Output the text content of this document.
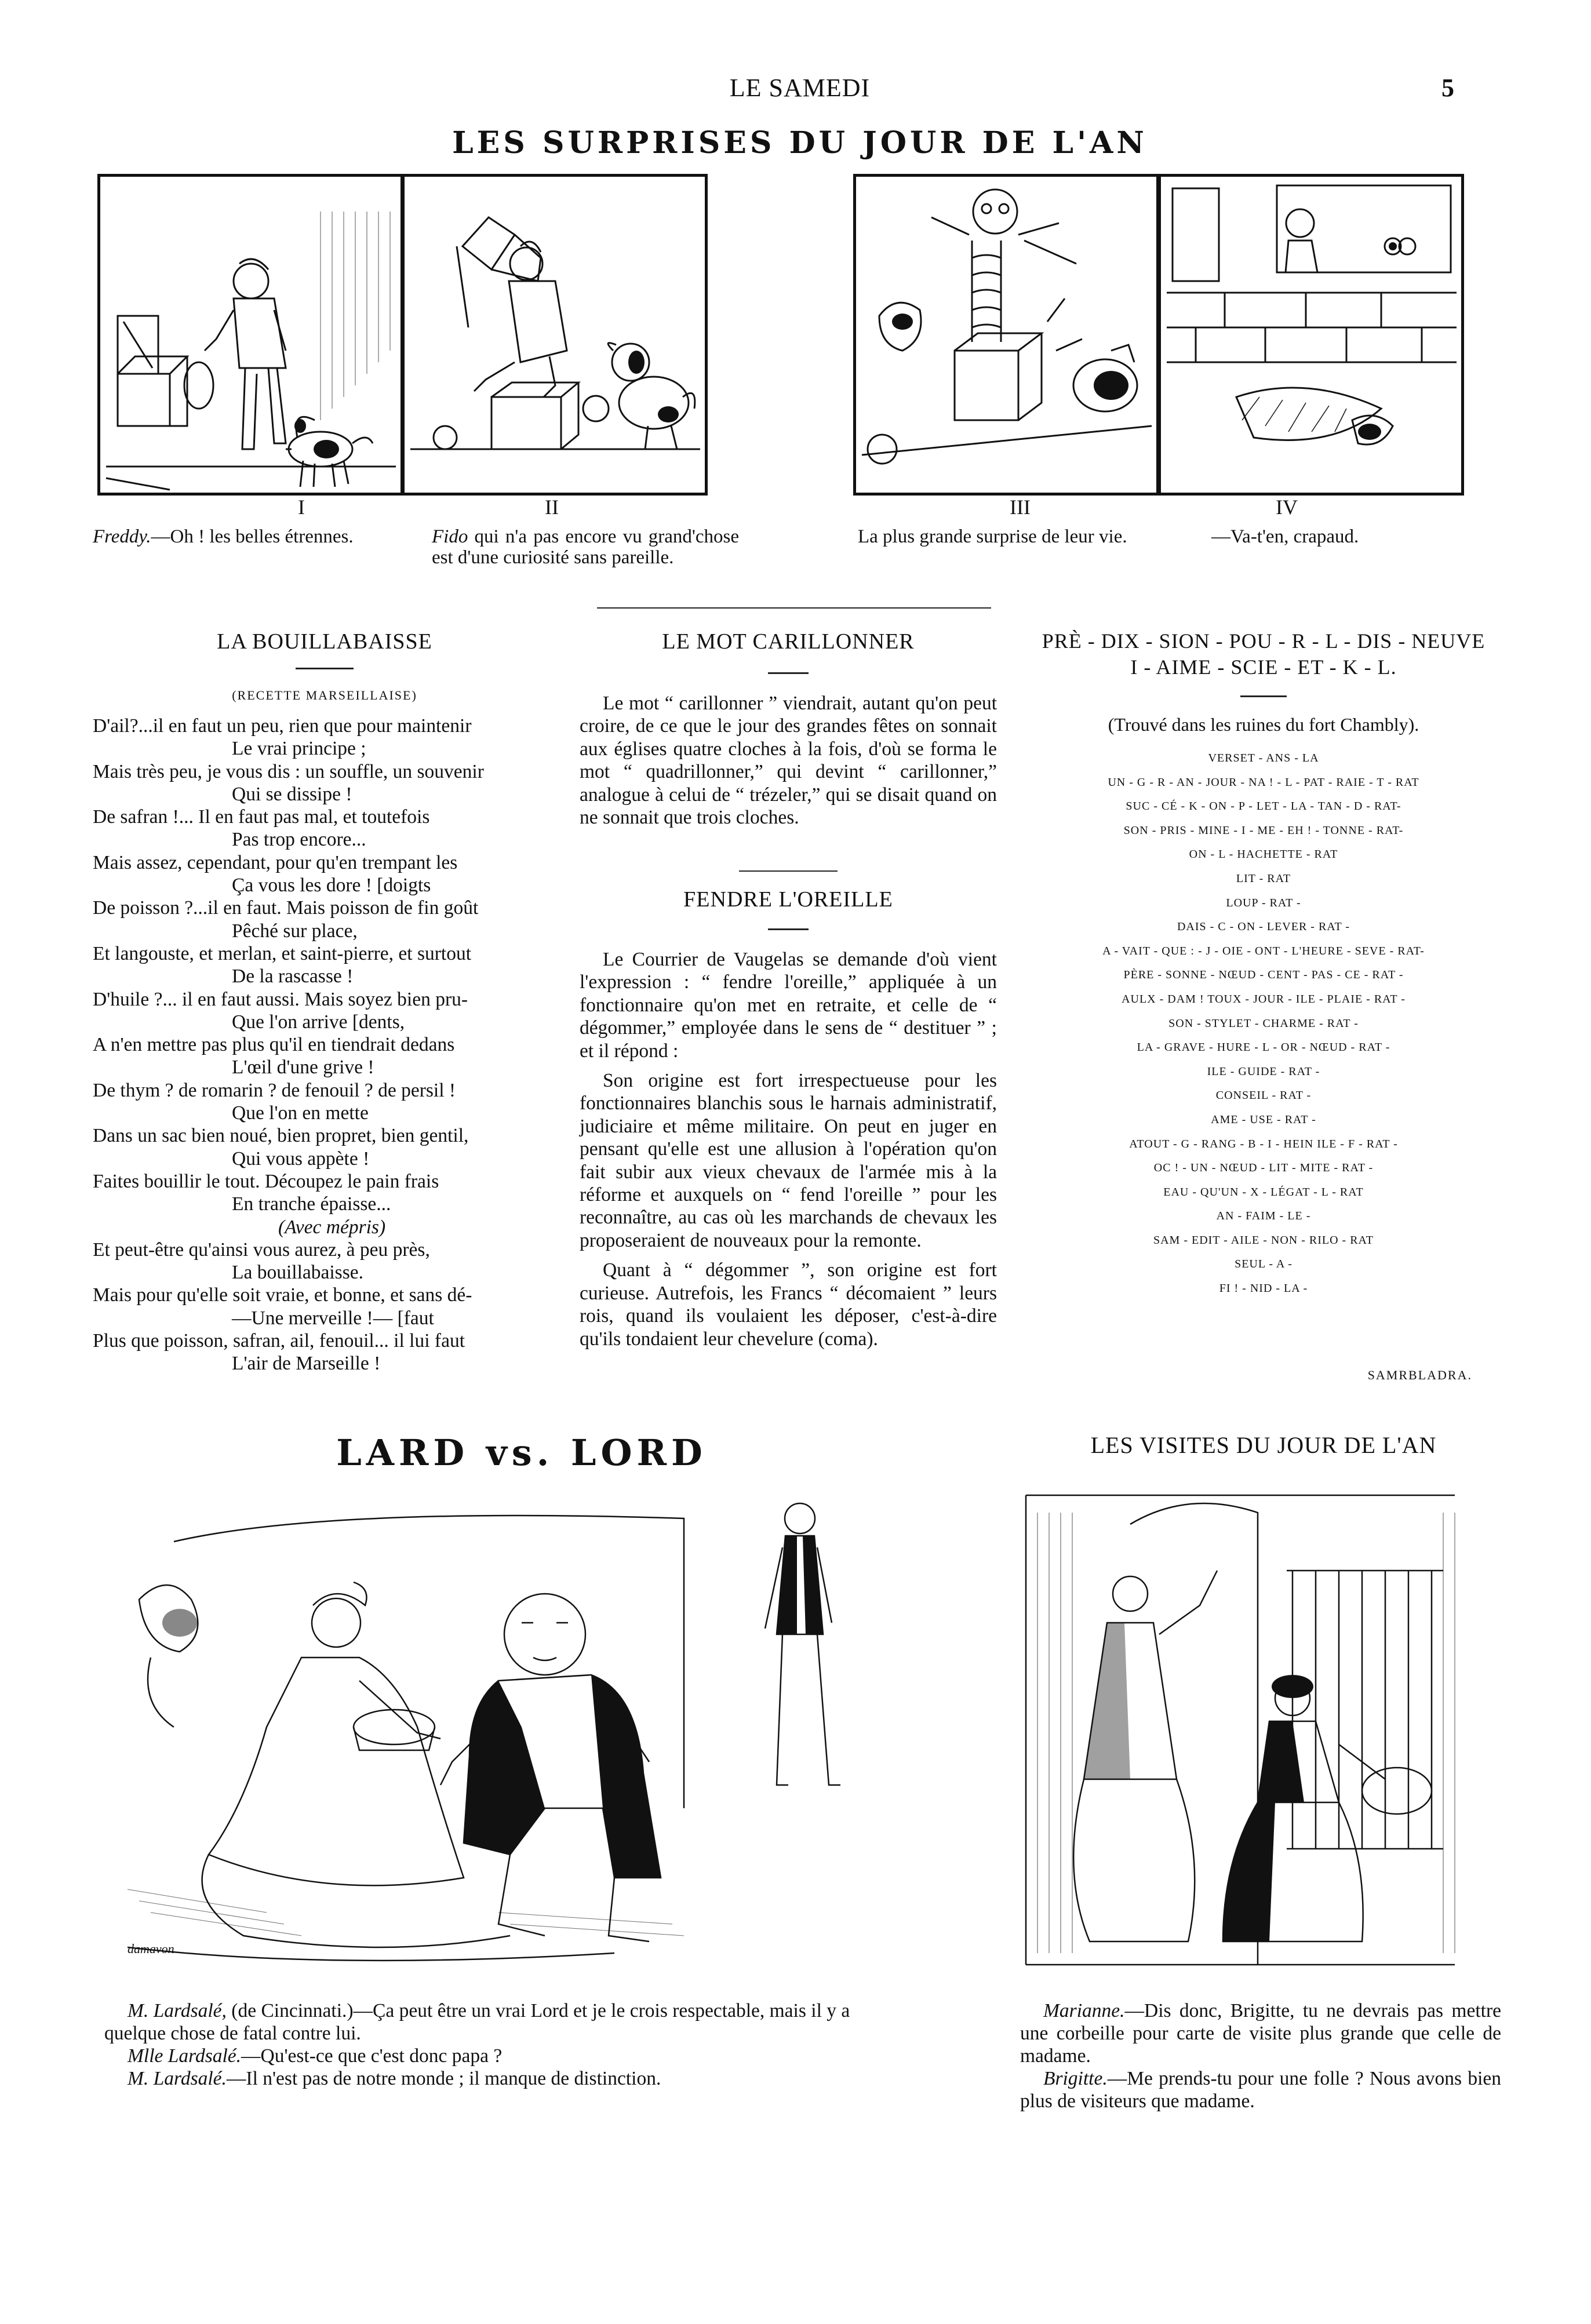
LE SAMEDI	5
LES SURPRISES DU JOUR DE L'AN
I	II	III	IV
Freddy.—Oh ! les belles étrennes.	Fido qui n'a pas encore vu grand'chose est d'une curiosité sans pareille.
La plus grande surprise de leur vie.	—Va-t'en, crapaud.
LA BOUILLABAISSE
(RECETTE MARSEILLAISE)
D'ail?...il en faut un peu, rien que pour maintenir
Le vrai principe ;
Mais très peu, je vous dis : un souffle, un souvenir
Qui se dissipe !
De safran !... Il en faut pas mal, et toutefois
Pas trop encore...
Mais assez, cependant, pour qu'en trempant les
Ça vous les dore ! [doigts
De poisson ?...il en faut. Mais poisson de fin goût
Pêché sur place,
Et langouste, et merlan, et saint-pierre, et surtout
De la rascasse !
D'huile ?... il en faut aussi. Mais soyez bien pru-
Que l'on arrive [dents,
A n'en mettre pas plus qu'il en tiendrait dedans
L'œil d'une grive !
De thym ? de romarin ? de fenouil ? de persil !
Que l'on en mette
Dans un sac bien noué, bien propret, bien gentil,
Qui vous appète !
Faites bouillir le tout. Découpez le pain frais
En tranche épaisse...
(Avec mépris)
Et peut-être qu'ainsi vous aurez, à peu près,
La bouillabaisse.
Mais pour qu'elle soit vraie, et bonne, et sans dé-
—Une merveille !— [faut
Plus que poisson, safran, ail, fenouil... il lui faut
L'air de Marseille !
LE MOT CARILLONNER

Le mot “ carillonner ” viendrait, autant qu'on peut croire, de ce que le jour des grandes fêtes on sonnait aux églises quatre cloches à la fois, d'où se forma le mot “ quadrillonner,” qui devint “ carillonner,” analogue à celui de “ trézeler,” qui se disait quand on ne sonnait que trois cloches.

FENDRE L'OREILLE

Le Courrier de Vaugelas se demande d'où vient l'expression : “ fendre l'oreille,” appliquée à un fonctionnaire qu'on met en retraite, et celle de “ dégommer,” employée dans le sens de “ destituer ” ; et il répond :

Son origine est fort irrespectueuse pour les fonctionnaires blanchis sous le harnais administratif, judiciaire et même militaire. On peut en juger en pensant qu'elle est une allusion à l'opération qu'on fait subir aux vieux chevaux de l'armée mis à la réforme et auxquels on “ fend l'oreille ” pour les reconnaître, au cas où les marchands de chevaux les proposeraient de nouveaux pour la remonte.

Quant à “ dégommer ”, son origine est fort curieuse. Autrefois, les Francs “ décomaient ” leurs rois, quand ils voulaient les déposer, c'est-à-dire qu'ils tondaient leur chevelure (coma).

PRÈ - DIX - SION - POU - R - L - DIS - NEUVE
I - AIME - SCIE - ET - K - L.
(Trouvé dans les ruines du fort Chambly).
VERSET - ANS - LA
UN - G - R - AN - JOUR - NA ! - L - PAT - RAIE - T - RAT
SUC - CÉ - K - ON - P - LET - LA - TAN - D - RAT-
SON - PRIS - MINE - I - ME - EH ! - TONNE - RAT-
ON - L - HACHETTE - RAT
LIT - RAT
LOUP - RAT -
DAIS - C - ON - LEVER - RAT -
A - VAIT - QUE : - J - OIE - ONT - L'HEURE - SEVE - RAT-
PÈRE - SONNE - NŒUD - CENT - PAS - CE - RAT -
AULX - DAM ! TOUX - JOUR - ILE - PLAIE - RAT -
SON - STYLET - CHARME - RAT -
LA - GRAVE - HURE - L - OR - NŒUD - RAT -
ILE - GUIDE - RAT -
CONSEIL - RAT -
AME - USE - RAT -
ATOUT - G - RANG - B - I - HEIN ILE - F - RAT -
OC ! - UN - NŒUD - LIT - MITE - RAT -
EAU - QU'UN - X - LÉGAT - L - RAT
AN - FAIM - LE -
SAM - EDIT - AILE - NON - RILO - RAT
SEUL - A -
FI ! - NID - LA -
SAMRBLADRA.
LARD vs. LORD
damavon
M. Lardsalé, (de Cincinnati.)—Ça peut être un vrai Lord et je le crois respectable, mais il y a quelque chose de fatal contre lui.
Mlle Lardsalé.—Qu'est-ce que c'est donc papa ?
M. Lardsalé.—Il n'est pas de notre monde ; il manque de distinction.
LES VISITES DU JOUR DE L'AN
Marianne.—Dis donc, Brigitte, tu ne devrais pas mettre une corbeille pour carte de visite plus grande que celle de madame.
Brigitte.—Me prends-tu pour une folle ? Nous avons bien plus de visiteurs que madame.
